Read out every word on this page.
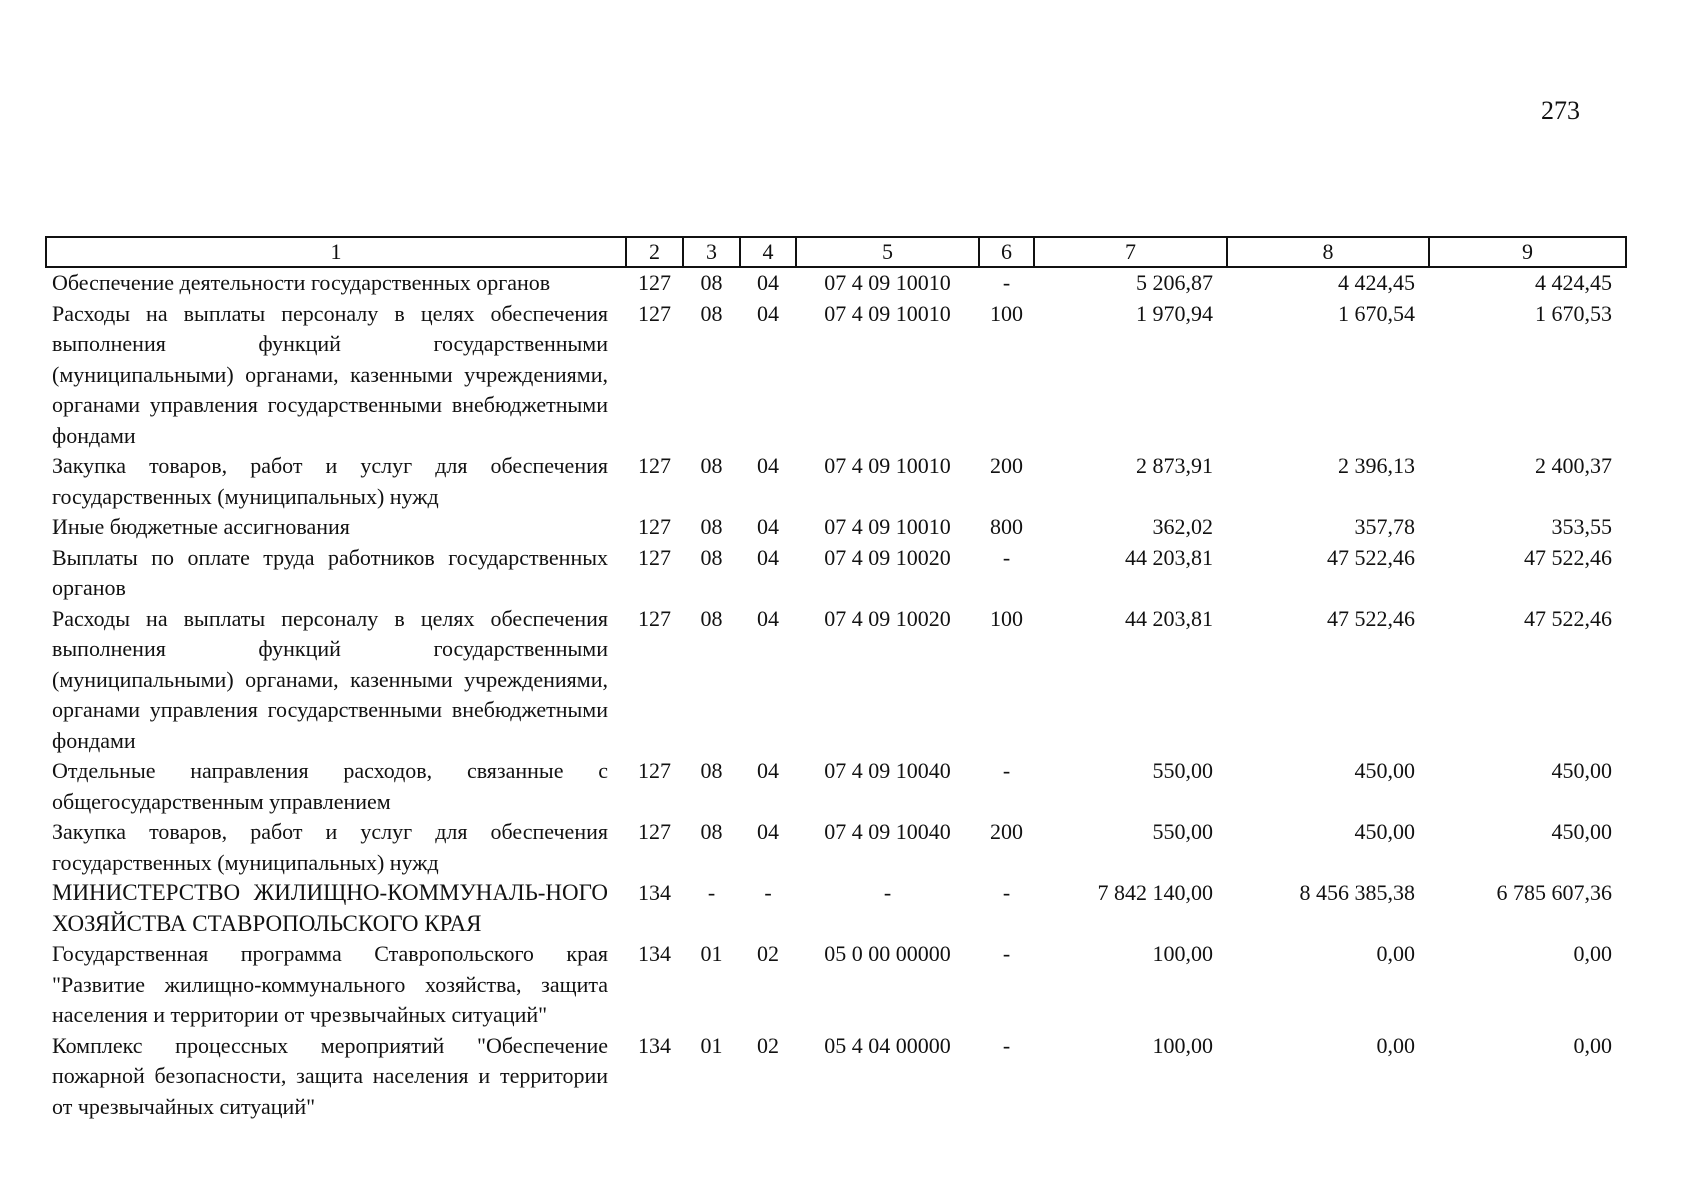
273
1	2	3	4	5	6	7	8	9
Обеспечение деятельности государственных органов	127	08	04	07 4 09 10010	-	5 206,87	4 424,45	4 424,45
Расходы на выплаты персоналу в целях обеспечения выполнения функций государственными (муниципальными) органами, казенными учреждениями, органами управления государственными внебюджетными фондами	127	08	04	07 4 09 10010	100	1 970,94	1 670,54	1 670,53
Закупка товаров, работ и услуг для обеспечения государственных (муниципальных) нужд	127	08	04	07 4 09 10010	200	2 873,91	2 396,13	2 400,37
Иные бюджетные ассигнования	127	08	04	07 4 09 10010	800	362,02	357,78	353,55
Выплаты по оплате труда работников государственных органов	127	08	04	07 4 09 10020	-	44 203,81	47 522,46	47 522,46
Расходы на выплаты персоналу в целях обеспечения выполнения функций государственными (муниципальными) органами, казенными учреждениями, органами управления государственными внебюджетными фондами	127	08	04	07 4 09 10020	100	44 203,81	47 522,46	47 522,46
Отдельные направления расходов, связанные с общегосударственным управлением	127	08	04	07 4 09 10040	-	550,00	450,00	450,00
Закупка товаров, работ и услуг для обеспечения государственных (муниципальных) нужд	127	08	04	07 4 09 10040	200	550,00	450,00	450,00
МИНИСТЕРСТВО ЖИЛИЩНО-КОММУНАЛЬ-НОГО ХОЗЯЙСТВА СТАВРОПОЛЬСКОГО КРАЯ	134	-	-	-	-	7 842 140,00	8 456 385,38	6 785 607,36
Государственная программа Ставропольского края "Развитие жилищно-коммунального хозяйства, защита населения и территории от чрезвычайных ситуаций"	134	01	02	05 0 00 00000	-	100,00	0,00	0,00
Комплекс процессных мероприятий "Обеспечение пожарной безопасности, защита населения и территории от чрезвычайных ситуаций"	134	01	02	05 4 04 00000	-	100,00	0,00	0,00
